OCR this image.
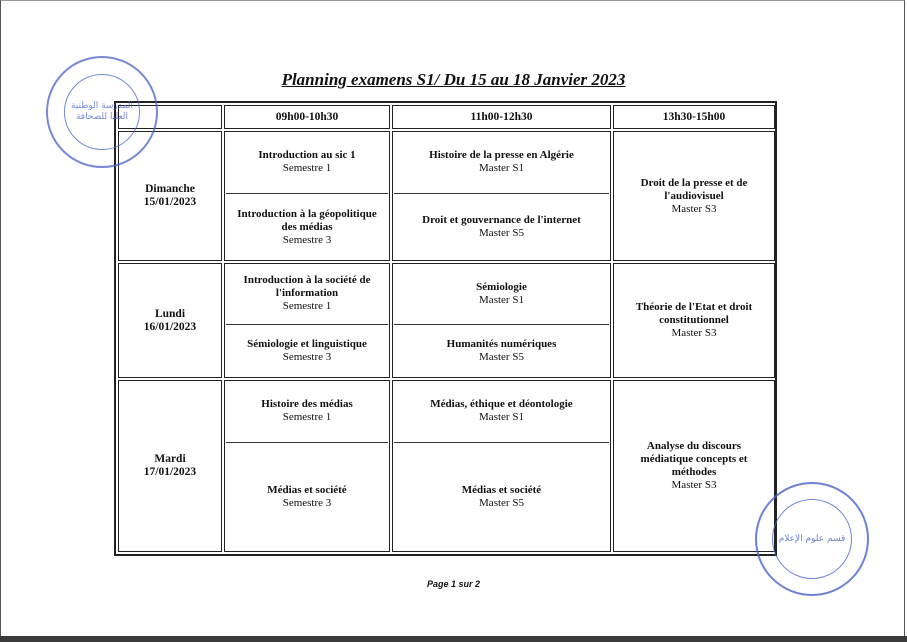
Planning examens S1/ Du 15 au 18 Janvier 2023
09h00-10h30	11h00-12h30	13h30-15h00
Dimanche
15/01/2023
Droit de la presse et de l'audiovisuel
Master S3
Introduction au sic 1
Semestre 1
Introduction à la géopolitique des médias
Semestre 3
Histoire de la presse en Algérie
Master S1
Droit et gouvernance de l'internet
Master S5
Lundi
16/01/2023
Théorie de l'Etat et droit constitutionnel
Master S3
Introduction à la société de l'information
Semestre 1
Sémiologie et linguistique
Semestre 3
Sémiologie
Master S1
Humanités numériques
Master S5
Mardi
17/01/2023
Analyse du discours médiatique concepts et méthodes
Master S3
Histoire des médias
Semestre 1
Médias et société
Semestre 3
Médias, éthique et déontologie
Master S1
Médias et société
Master S5
المدرسة الوطنية العليا للصحافة
قسم علوم الإعلام
Page 1 sur 2
